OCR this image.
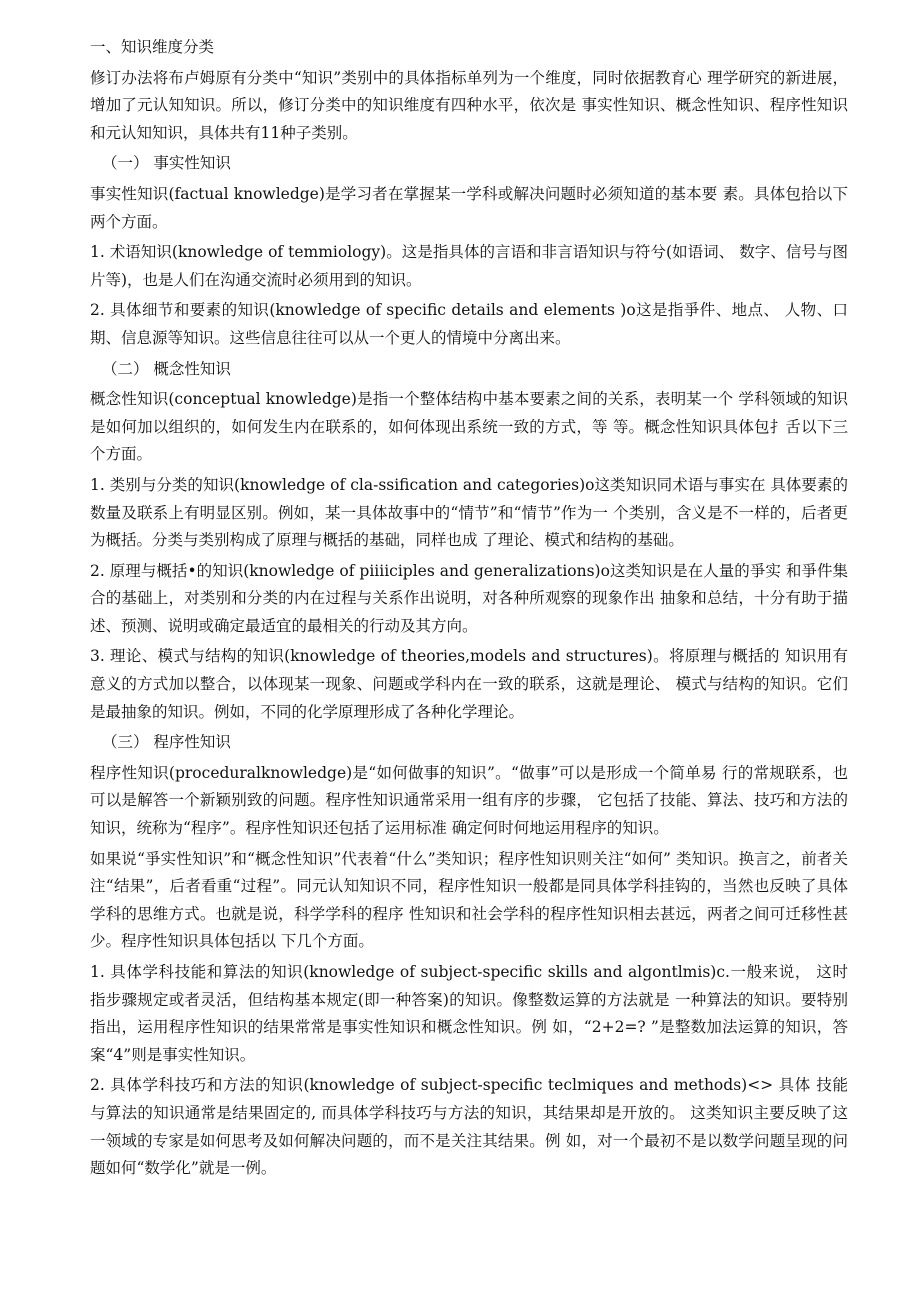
一、知识维度分类

修订办法将布卢姆原有分类中“知识”类别中的具体指标单列为一个维度，同时依据教育心 理学研究的新进展，增加了元认知知识。所以，修订分类中的知识维度有四种水平，依次是 事实性知识、概念性知识、程序性知识和元认知知识，具体共有11种子类别。

（一） 事实性知识

事实性知识(factual knowledge)是学习者在掌握某一学科或解决问题时必须知道的基本要 素。具体包拾以下两个方面。

1. 术语知识(knowledge of temmiology)。这是指具体的言语和非言语知识与符兮(如语词、 数字、信号与图片等)，也是人们在沟通交流时必须用到的知识。

2. 具体细节和要素的知识(knowledge of specific details and elements )o这是指爭件、地点、 人物、口期、信息源等知识。这些信息往往可以从一个更人的情境中分离出来。

（二） 概念性知识

概念性知识(conceptual knowledge)是指一个整体结构中基本要素之间的关系，表明某一个 学科领域的知识是如何加以组织的，如何发生内在联系的，如何体现出系统一致的方式，等 等。概念性知识具体包扌舌以下三个方面。

1. 类别与分类的知识(knowledge of cla-ssification and categories)o这类知识同术语与事实在 具体要素的数量及联系上有明显区别。例如，某一具体故事中的“情节”和“情节”作为一 个类别，含义是不一样的，后者更为概括。分类与类别构成了原理与概括的基础，同样也成 了理论、模式和结构的基础。

2. 原理与概括•的知识(knowledge of piiiiciples and generalizations)o这类知识是在人量的爭实 和爭件集合的基础上，对类别和分类的内在过程与关系作出说明，对各种所观察的现象作出 抽象和总结，十分有助于描述、预测、说明或确定最适宜的最相关的行动及其方向。

3. 理论、模式与结构的知识(knowledge of theories,models and structures)。将原理与概括的 知识用有意义的方式加以整合，以体现某一现象、问题或学科内在一致的联系，这就是理论、 模式与结构的知识。它们是最抽象的知识。例如，不同的化学原理形成了各种化学理论。

（三） 程序性知识

程序性知识(proceduralknowledge)是“如何做事的知识”。“做事”可以是形成一个简单易 行的常规联系，也可以是解答一个新颖别致的问题。程序性知识通常采用一组有序的步骤， 它包括了技能、算法、技巧和方法的知识，统称为“程序”。程序性知识还包括了运用标准 确定何时何地运用程序的知识。

如果说“爭实性知识”和“概念性知识”代表着“什么”类知识；程序性知识则关注“如何” 类知识。换言之，前者关注“结果”，后者看重“过程”。同元认知知识不同，程序性知识一般都是同具体学科挂钩的，当然也反映了具体学科的思维方式。也就是说，科学学科的程序 性知识和社会学科的程序性知识相去甚远，两者之间可迁移性甚少。程序性知识具体包括以 下几个方面。

1. 具体学科技能和算法的知识(knowledge of subject-specific skills and algontlmis)c.一般来说， 这时指步骤规定或者灵活，但结构基本规定(即一种答案)的知识。像整数运算的方法就是 一种算法的知识。要特别指出，运用程序性知识的结果常常是事实性知识和概念性知识。例 如，“2+2=? ”是整数加法运算的知识，答案“4”则是事实性知识。

2. 具体学科技巧和方法的知识(knowledge of subject-specific teclmiques and methods)<> 具体 技能与算法的知识通常是结果固定的, 而具体学科技巧与方法的知识，其结果却是开放的。 这类知识主要反映了这一领域的专家是如何思考及如何解决问题的，而不是关注其结果。例 如，对一个最初不是以数学问题呈现的问题如何“数学化”就是一例。
